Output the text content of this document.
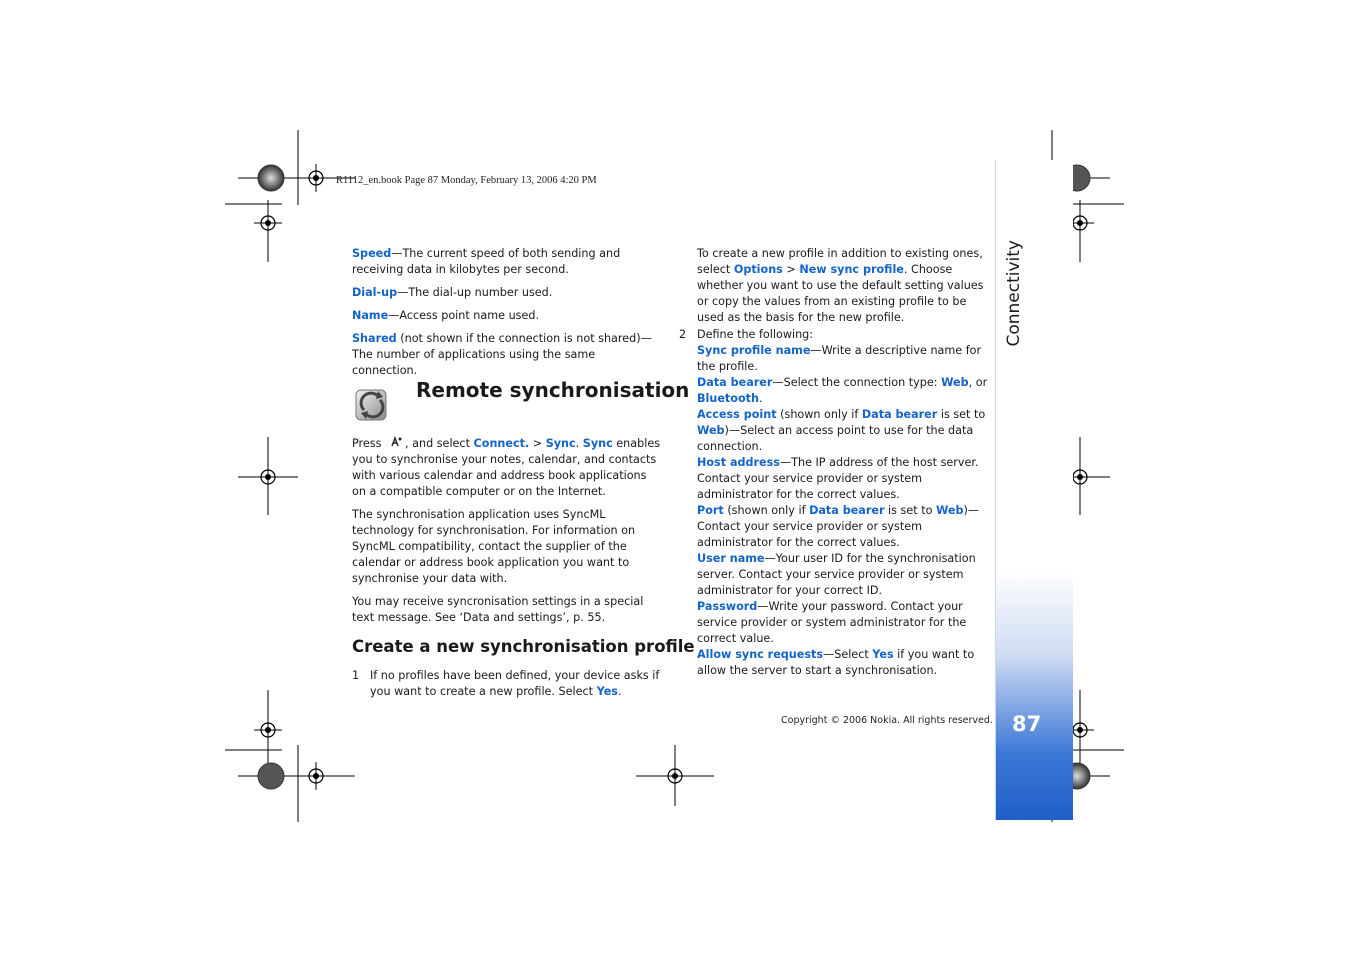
R1112_en.book Page 87 Monday, February 13, 2006 4:20 PM
Connectivity
87

Speed—The current speed of both sending and receiving data in kilobytes per second.

Dial-up—The dial-up number used.

Name—Access point name used.

Shared (not shown if the connection is not shared)—The number of applications using the same connection.

Remote synchronisation

Press , and select Connect. > Sync. Sync enables you to synchronise your notes, calendar, and contacts with various calendar and address book applications on a compatible computer or on the Internet.

The synchronisation application uses SyncML technology for synchronisation. For information on SyncML compatibility, contact the supplier of the calendar or address book application you want to synchronise your data with.

You may receive syncronisation settings in a special text message. See ‘Data and settings’, p. 55.

Create a new synchronisation profile
1 If no profiles have been defined, your device asks if you want to create a new profile. Select Yes.
To create a new profile in addition to existing ones, select Options > New sync profile. Choose whether you want to use the default setting values or copy the values from an existing profile to be used as the basis for the new profile.
2 Define the following:
Sync profile name—Write a descriptive name for the profile.
Data bearer—Select the connection type: Web, or Bluetooth.
Access point (shown only if Data bearer is set to Web)—Select an access point to use for the data connection.
Host address—The IP address of the host server. Contact your service provider or system administrator for the correct values.
Port (shown only if Data bearer is set to Web)—Contact your service provider or system administrator for the correct values.
User name—Your user ID for the synchronisation server. Contact your service provider or system administrator for your correct ID.
Password—Write your password. Contact your service provider or system administrator for the correct value.
Allow sync requests—Select Yes if you want to allow the server to start a synchronisation.
Copyright © 2006 Nokia. All rights reserved.
